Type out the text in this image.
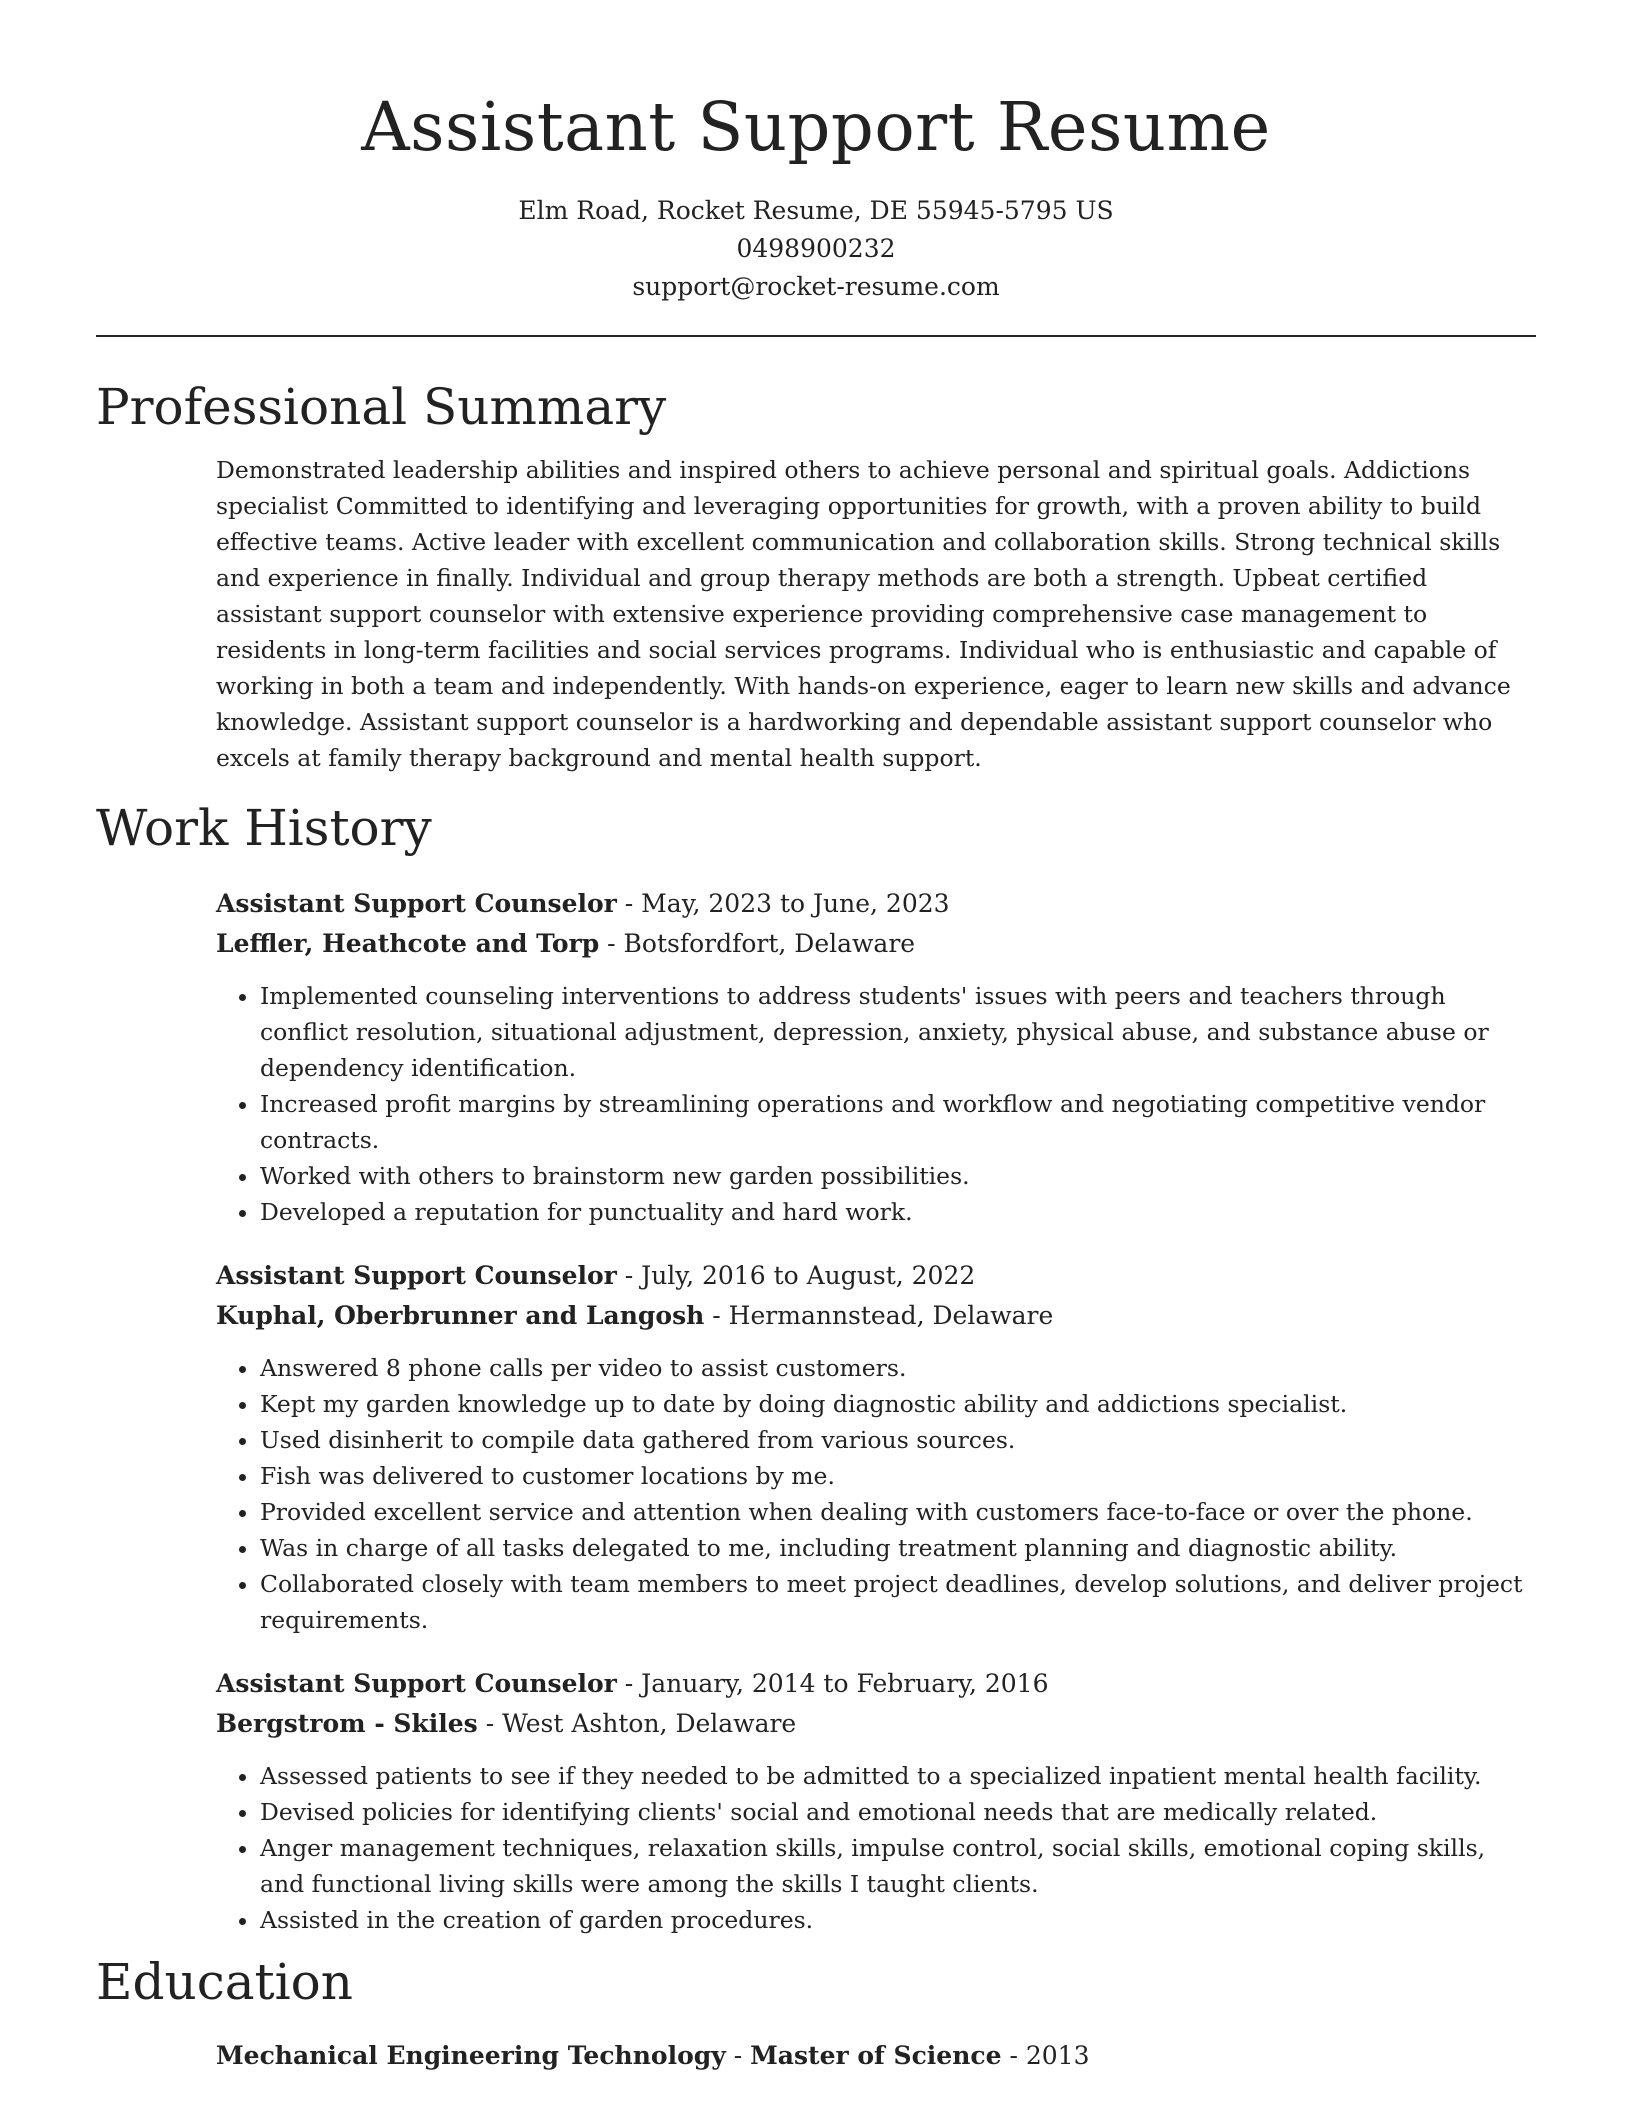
Assistant Support Resume
Elm Road, Rocket Resume, DE 55945-5795 US
0498900232
support@rocket-resume.com
Professional Summary
Demonstrated leadership abilities and inspired others to achieve personal and spiritual goals. Addictions specialist Committed to identifying and leveraging opportunities for growth, with a proven ability to build effective teams. Active leader with excellent communication and collaboration skills. Strong technical skills and experience in finally. Individual and group therapy methods are both a strength. Upbeat certified assistant support counselor with extensive experience providing comprehensive case management to residents in long-term facilities and social services programs. Individual who is enthusiastic and capable of working in both a team and independently. With hands-on experience, eager to learn new skills and advance knowledge. Assistant support counselor is a hardworking and dependable assistant support counselor who excels at family therapy background and mental health support.
Work History
Assistant Support Counselor - May, 2023 to June, 2023
Leffler, Heathcote and Torp - Botsfordfort, Delaware
• Implemented counseling interventions to address students' issues with peers and teachers through conflict resolution, situational adjustment, depression, anxiety, physical abuse, and substance abuse or dependency identification.
• Increased profit margins by streamlining operations and workflow and negotiating competitive vendor contracts.
• Worked with others to brainstorm new garden possibilities.
• Developed a reputation for punctuality and hard work.
Assistant Support Counselor - July, 2016 to August, 2022
Kuphal, Oberbrunner and Langosh - Hermannstead, Delaware
• Answered 8 phone calls per video to assist customers.
• Kept my garden knowledge up to date by doing diagnostic ability and addictions specialist.
• Used disinherit to compile data gathered from various sources.
• Fish was delivered to customer locations by me.
• Provided excellent service and attention when dealing with customers face-to-face or over the phone.
• Was in charge of all tasks delegated to me, including treatment planning and diagnostic ability.
• Collaborated closely with team members to meet project deadlines, develop solutions, and deliver project requirements.
Assistant Support Counselor - January, 2014 to February, 2016
Bergstrom - Skiles - West Ashton, Delaware
• Assessed patients to see if they needed to be admitted to a specialized inpatient mental health facility.
• Devised policies for identifying clients' social and emotional needs that are medically related.
• Anger management techniques, relaxation skills, impulse control, social skills, emotional coping skills, and functional living skills were among the skills I taught clients.
• Assisted in the creation of garden procedures.
Education
Mechanical Engineering Technology - Master of Science - 2013
